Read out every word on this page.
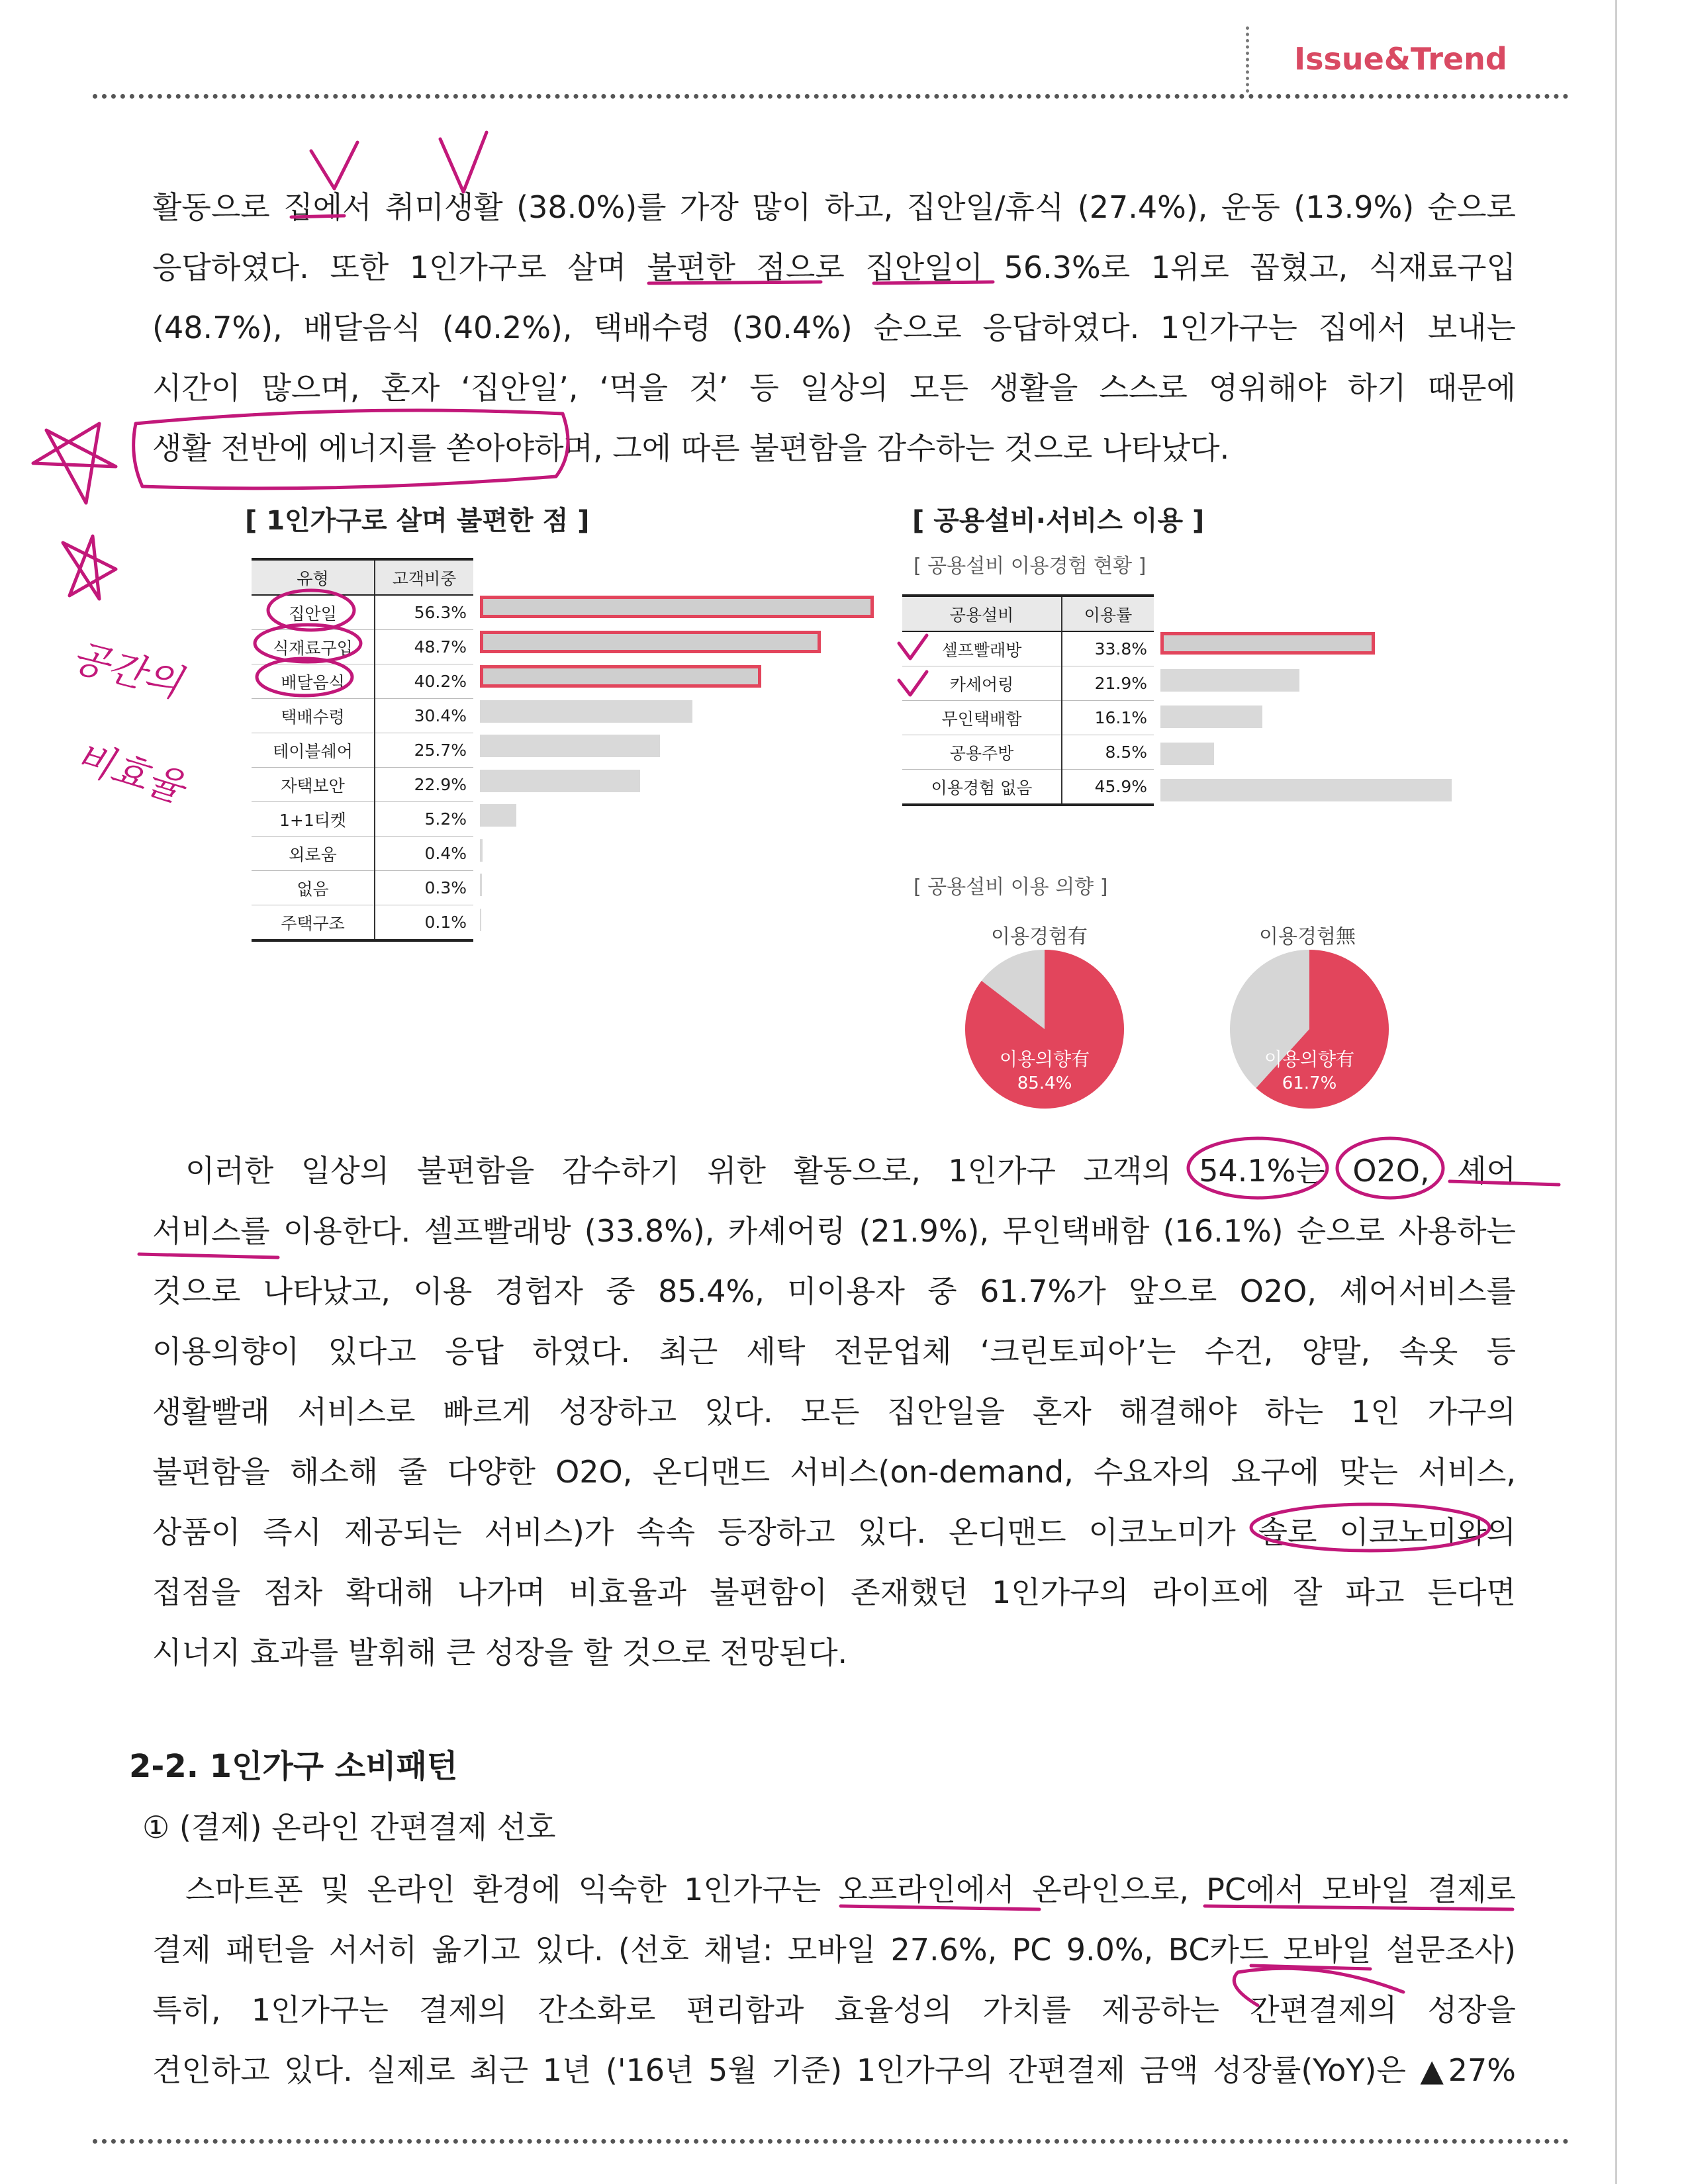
Issue&Trend
활동으로 집에서 취미생활 (38.0%)를 가장 많이 하고, 집안일/휴식 (27.4%), 운동 (13.9%) 순으로
응답하였다. 또한 1인가구로 살며 불편한 점으로 집안일이 56.3%로 1위로 꼽혔고, 식재료구입
(48.7%), 배달음식 (40.2%), 택배수령 (30.4%) 순으로 응답하였다. 1인가구는 집에서 보내는
시간이 많으며, 혼자 ‘집안일’, ‘먹을 것’ 등 일상의 모든 생활을 스스로 영위해야 하기 때문에
생활 전반에 에너지를 쏟아야하며, 그에 따른 불편함을 감수하는 것으로 나타났다.
[ 1인가구로 살며 불편한 점 ]
유형	고객비중
집안일	56.3%
식재료구입	48.7%
배달음식	40.2%
택배수령	30.4%
테이블쉐어	25.7%
자택보안	22.9%
1+1티켓	5.2%
외로움	0.4%
없음	0.3%
주택구조	0.1%
[ 공용설비·서비스 이용 ]
[ 공용설비 이용경험 현황 ]
공용설비	이용률
셀프빨래방	33.8%
카세어링	21.9%
무인택배함	16.1%
공용주방	8.5%
이용경험 없음	45.9%
[ 공용설비 이용 의향 ]
이용경험有	이용경험無
이용의향有
85.4%
이용의향有
61.7%
이러한 일상의 불편함을 감수하기 위한 활동으로, 1인가구 고객의 54.1%는 O2O, 셰어
서비스를 이용한다. 셀프빨래방 (33.8%), 카셰어링 (21.9%), 무인택배함 (16.1%) 순으로 사용하는
것으로 나타났고, 이용 경험자 중 85.4%, 미이용자 중 61.7%가 앞으로 O2O, 셰어서비스를
이용의향이 있다고 응답 하였다. 최근 세탁 전문업체 ‘크린토피아’는 수건, 양말, 속옷 등
생활빨래 서비스로 빠르게 성장하고 있다. 모든 집안일을 혼자 해결해야 하는 1인 가구의
불편함을 해소해 줄 다양한 O2O, 온디맨드 서비스(on-demand, 수요자의 요구에 맞는 서비스,
상품이 즉시 제공되는 서비스)가 속속 등장하고 있다. 온디맨드 이코노미가 솔로 이코노미와의
접점을 점차 확대해 나가며 비효율과 불편함이 존재했던 1인가구의 라이프에 잘 파고 든다면
시너지 효과를 발휘해 큰 성장을 할 것으로 전망된다.
2-2. 1인가구 소비패턴
① (결제) 온라인 간편결제 선호
스마트폰 및 온라인 환경에 익숙한 1인가구는 오프라인에서 온라인으로, PC에서 모바일 결제로
결제 패턴을 서서히 옮기고 있다. (선호 채널: 모바일 27.6%, PC 9.0%, BC카드 모바일 설문조사)
특히, 1인가구는 결제의 간소화로 편리함과 효율성의 가치를 제공하는 간편결제의 성장을
견인하고 있다. 실제로 최근 1년 ('16년 5월 기준) 1인가구의 간편결제 금액 성장률(YoY)은 ▲27%
공간의
비효율
